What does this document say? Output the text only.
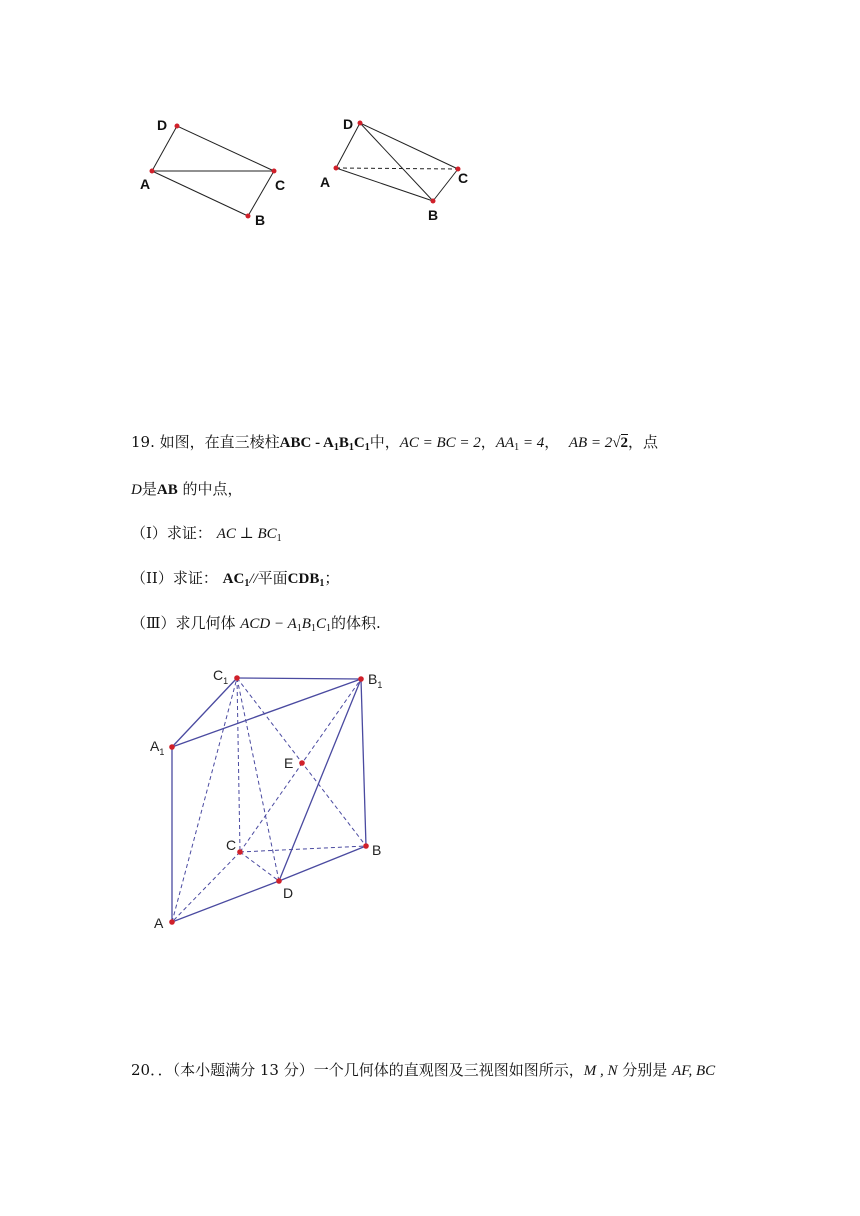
D
A	C
B
D
A	C
B
19. 如图，在直三棱柱ABC - $A_1B_1C_1$中，AC = BC = 2，$AA_1 = 4$， AB = 2√2，点
D是AB 的中点，
（I）求证： AC ⊥ $BC_1$
（II）求证： $AC_1//$平面$CDB_1$；
（Ⅲ）求几何体 ACD − $A_1B_1C_1$的体积.
$C_1$	$B_1$
$A_1$
E
C	B
D
A
20．．（本小题满分 13 分）一个几何体的直观图及三视图如图所示，M , N 分别是 AF, BC
